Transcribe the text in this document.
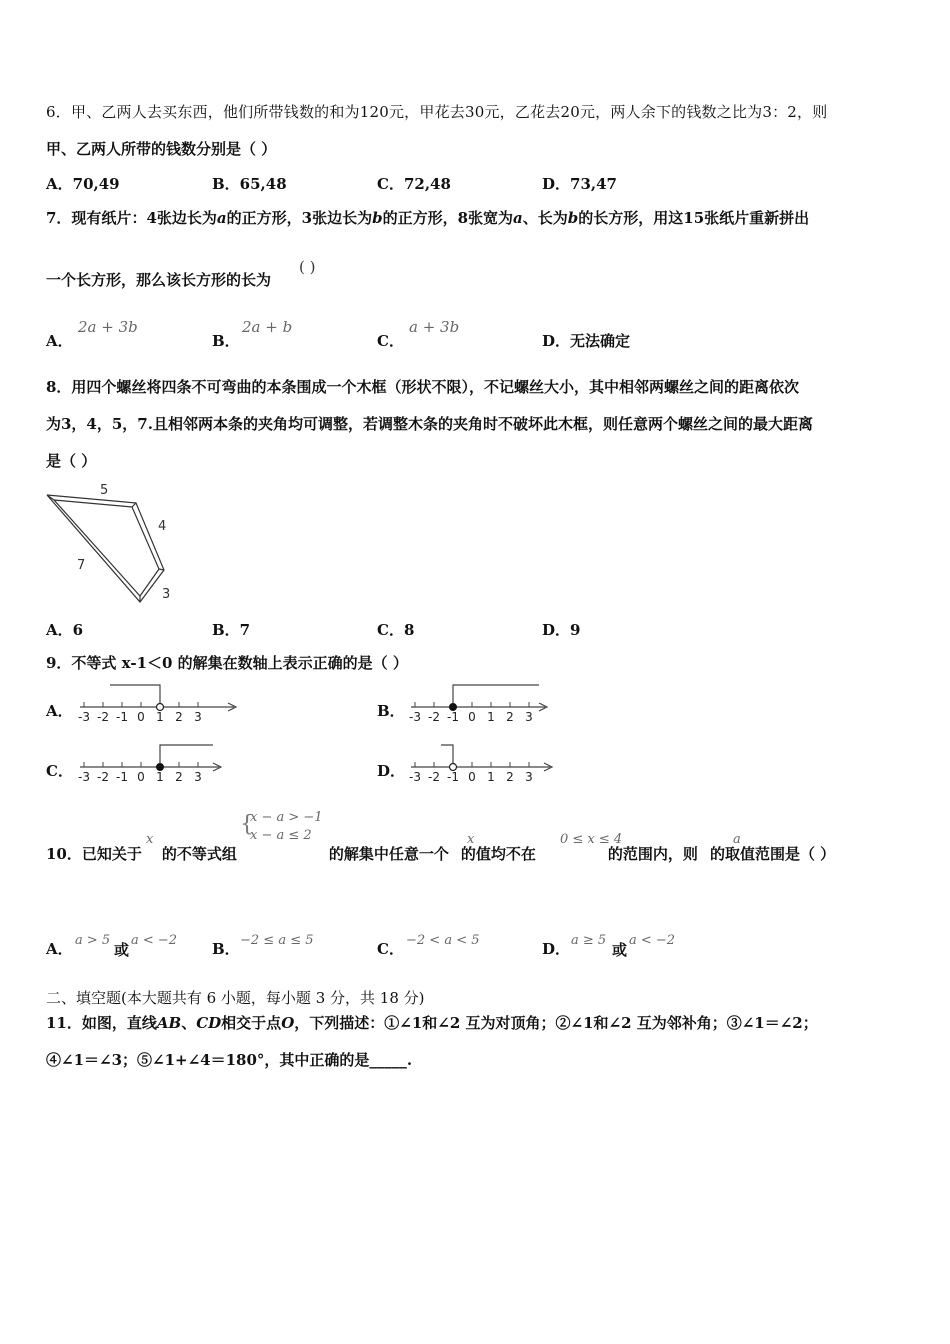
6．甲、乙两人去买东西，他们所带钱数的和为120元，甲花去30元，乙花去20元，两人余下的钱数之比为3：2，则
甲、乙两人所带的钱数分别是（ ）
A．70,49	B．65,48	C．72,48	D．73,47
7．现有纸片：4张边长为a的正方形，3张边长为b的正方形，8张宽为a、长为b的长方形，用这15张纸片重新拼出
一个长方形，那么该长方形的长为
( )
A．
2a + 3b
B．
2a + b
C．
a + 3b
D．无法确定
8．用四个螺丝将四条不可弯曲的本条围成一个木框（形状不限），不记螺丝大小，其中相邻两螺丝之间的距离依次
为3，4，5，7.且相邻两本条的夹角均可调整，若调整木条的夹角时不破坏此木框，则任意两个螺丝之间的最大距离
是（ ）
5
4
7
3
A．6	B．7	C．8	D．9
9．不等式 x-1＜0 的解集在数轴上表示正确的是（ ）
A． -3 -2 -1 0 1 2 3	B． -3 -2 -1 0 1 2 3
C． -3 -2 -1 0 1 2 3	D． -3 -2 -1 0 1 2 3
10．已知关于 的不等式组	的解集中任意一个 的值均不在	的范围内，则 的取值范围是（ ）
x
{
x − a > −1
x − a ≤ 2	x	0 ≤ x ≤ 4	a
A． a > 5
或
a < −2 B． −2 ≤ a ≤ 5	C． −2 < a < 5	D． a ≥ 5
或
a < −2
二、填空题(本大题共有 6 小题，每小题 3 分，共 18 分)
11．如图，直线AB、CD相交于点O，下列描述：①∠1和∠2 互为对顶角；②∠1和∠2 互为邻补角；③∠1＝∠2；
④∠1＝∠3；⑤∠1+∠4＝180°，其中正确的是_____.
